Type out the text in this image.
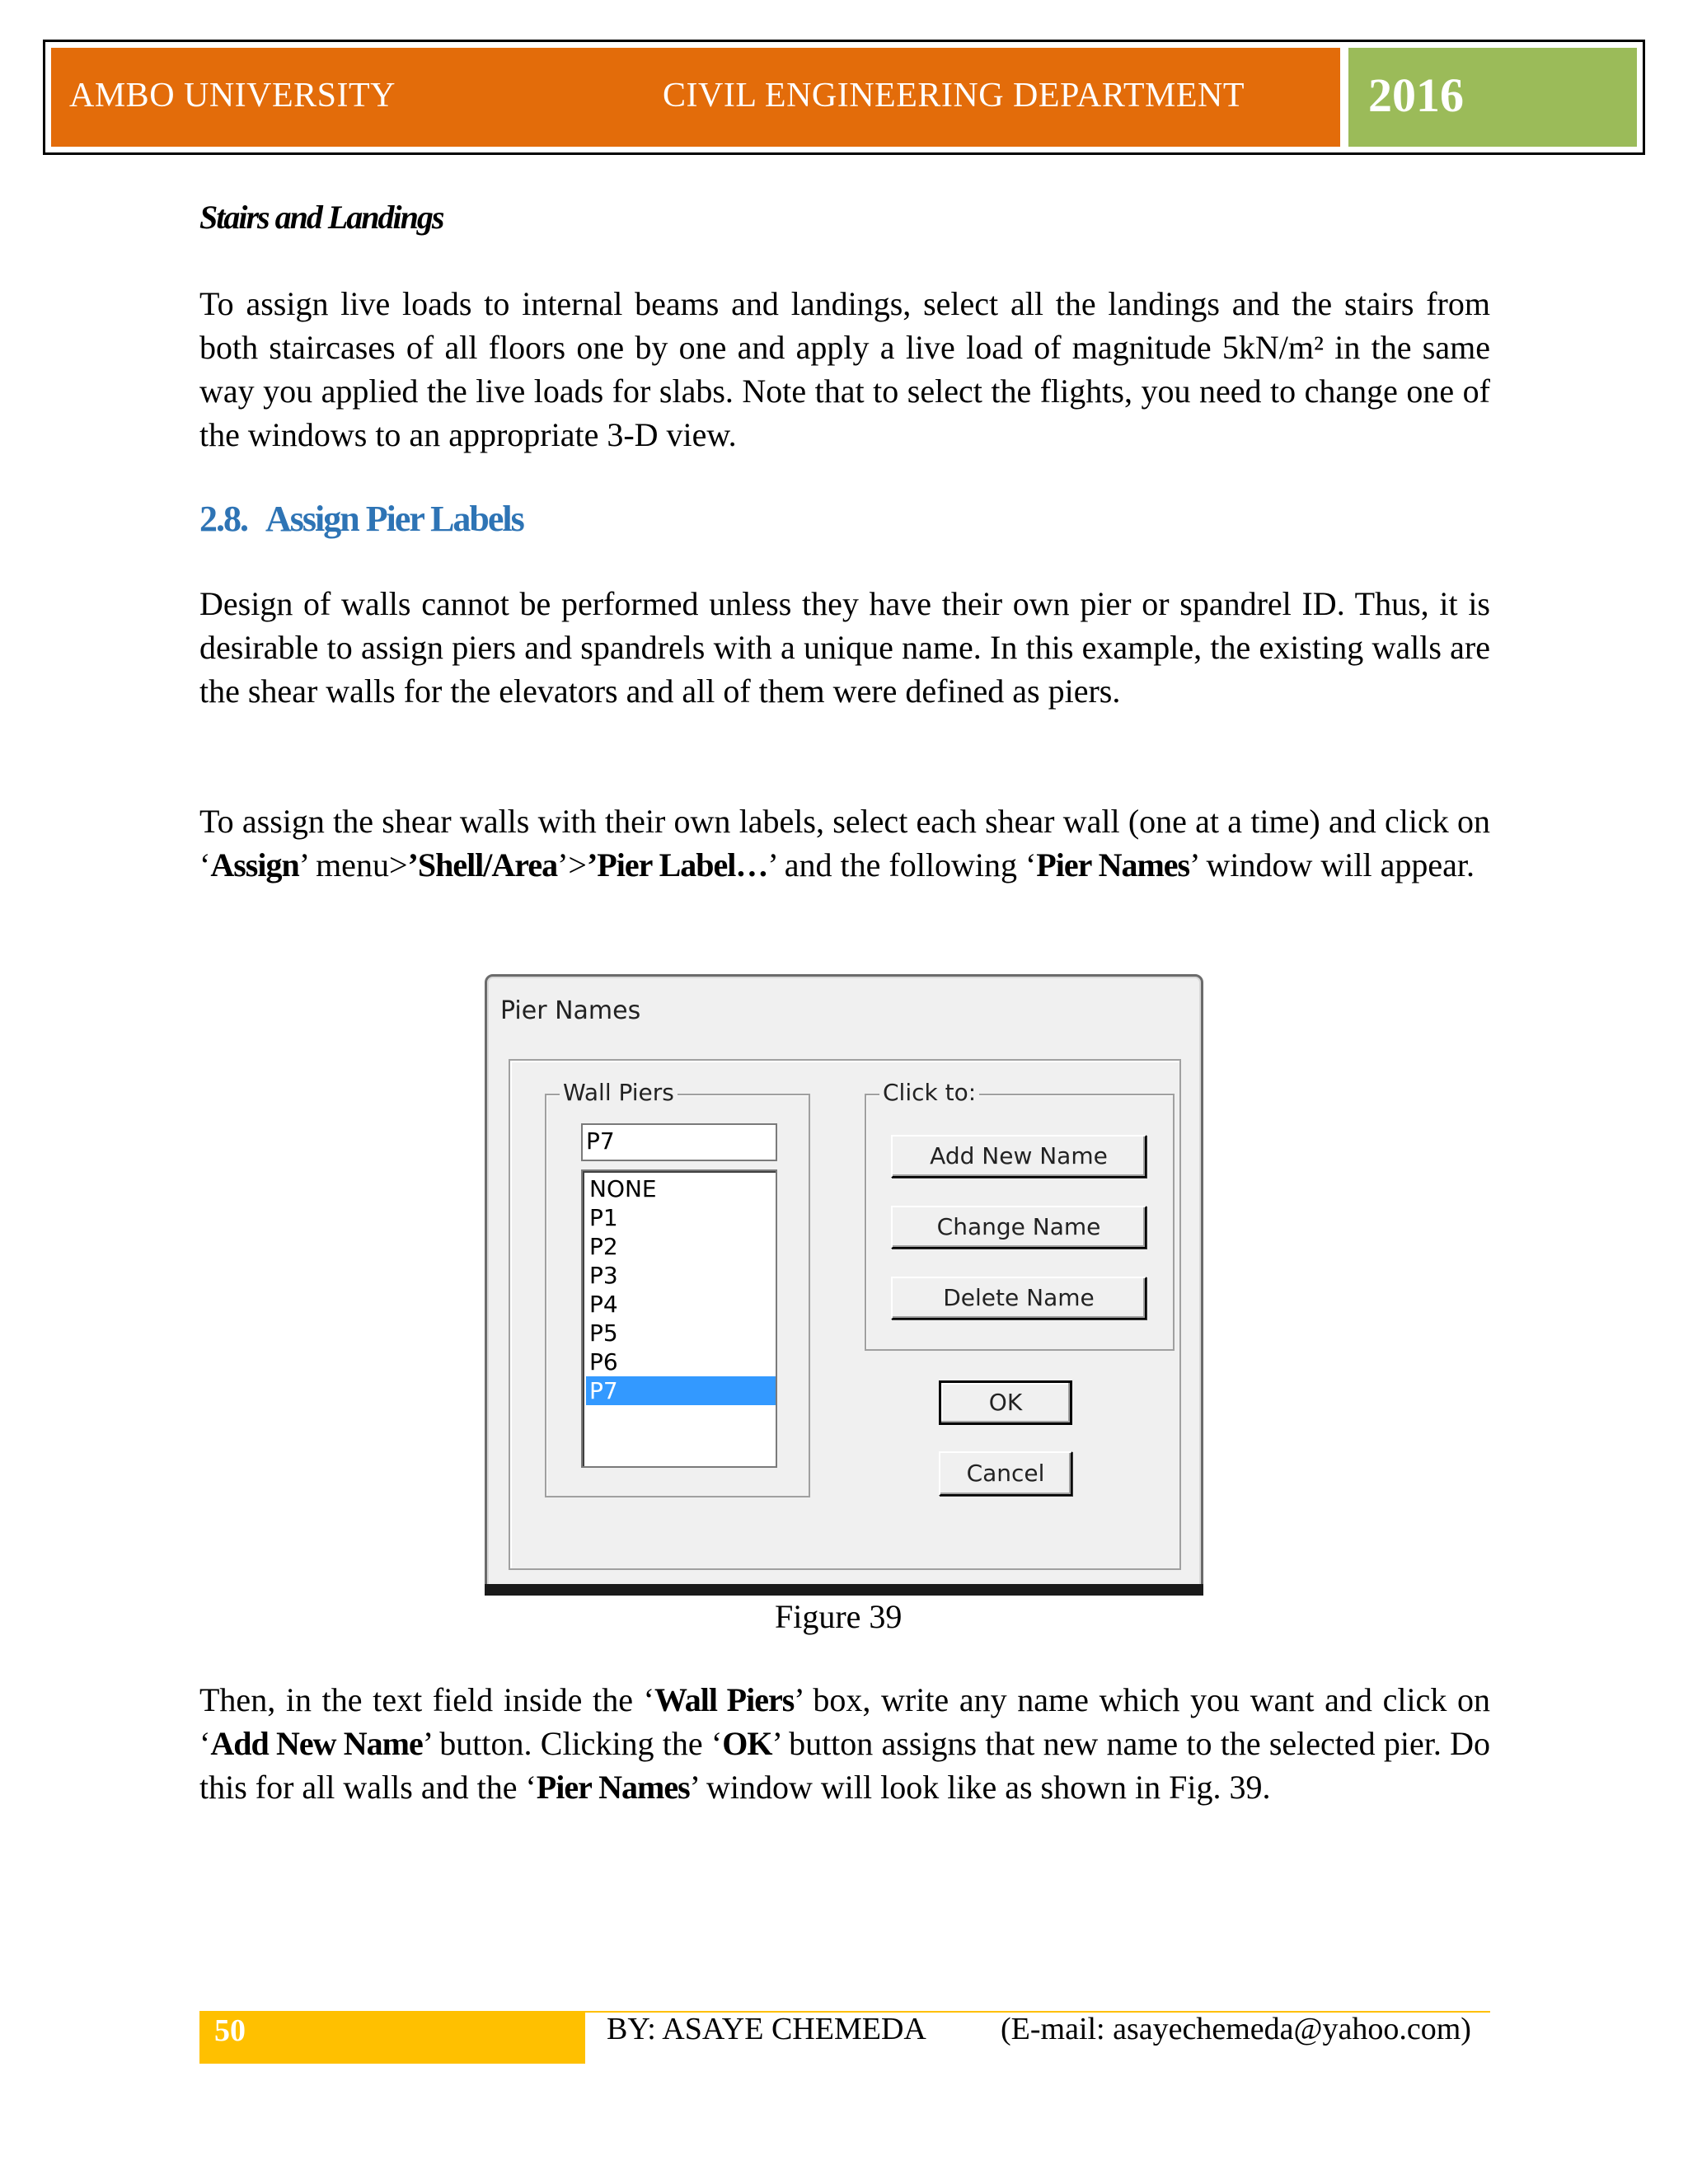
AMBO UNIVERSITY	CIVIL ENGINEERING DEPARTMENT	2016
Stairs and Landings
To assign live loads to internal beams and landings, select all the landings and the stairs from both staircases of all floors one by one and apply a live load of magnitude 5kN/m² in the same way you applied the live loads for slabs. Note that to select the flights, you need to change one of the windows to an appropriate 3-D view.
2.8. Assign Pier Labels
Design of walls cannot be performed unless they have their own pier or spandrel ID. Thus, it is desirable to assign piers and spandrels with a unique name. In this example, the existing walls are the shear walls for the elevators and all of them were defined as piers.
To assign the shear walls with their own labels, select each shear wall (one at a time) and click on ‘Assign’ menu>’Shell/Area’>’Pier Label…’ and the following ‘Pier Names’ window will appear.
Pier Names
Wall Piers
P7
NONE
P1
P2
P3
P4
P5
P6
P7
Click to:
Add New Name
Change Name
Delete Name
OK
Cancel
Figure 39
Then, in the text field inside the ‘Wall Piers’ box, write any name which you want and click on ‘Add New Name’ button. Clicking the ‘OK’ button assigns that new name to the selected pier. Do this for all walls and the ‘Pier Names’ window will look like as shown in Fig. 39.
50	BY: ASAYE CHEMEDA (E-mail: asayechemeda@yahoo.com)
